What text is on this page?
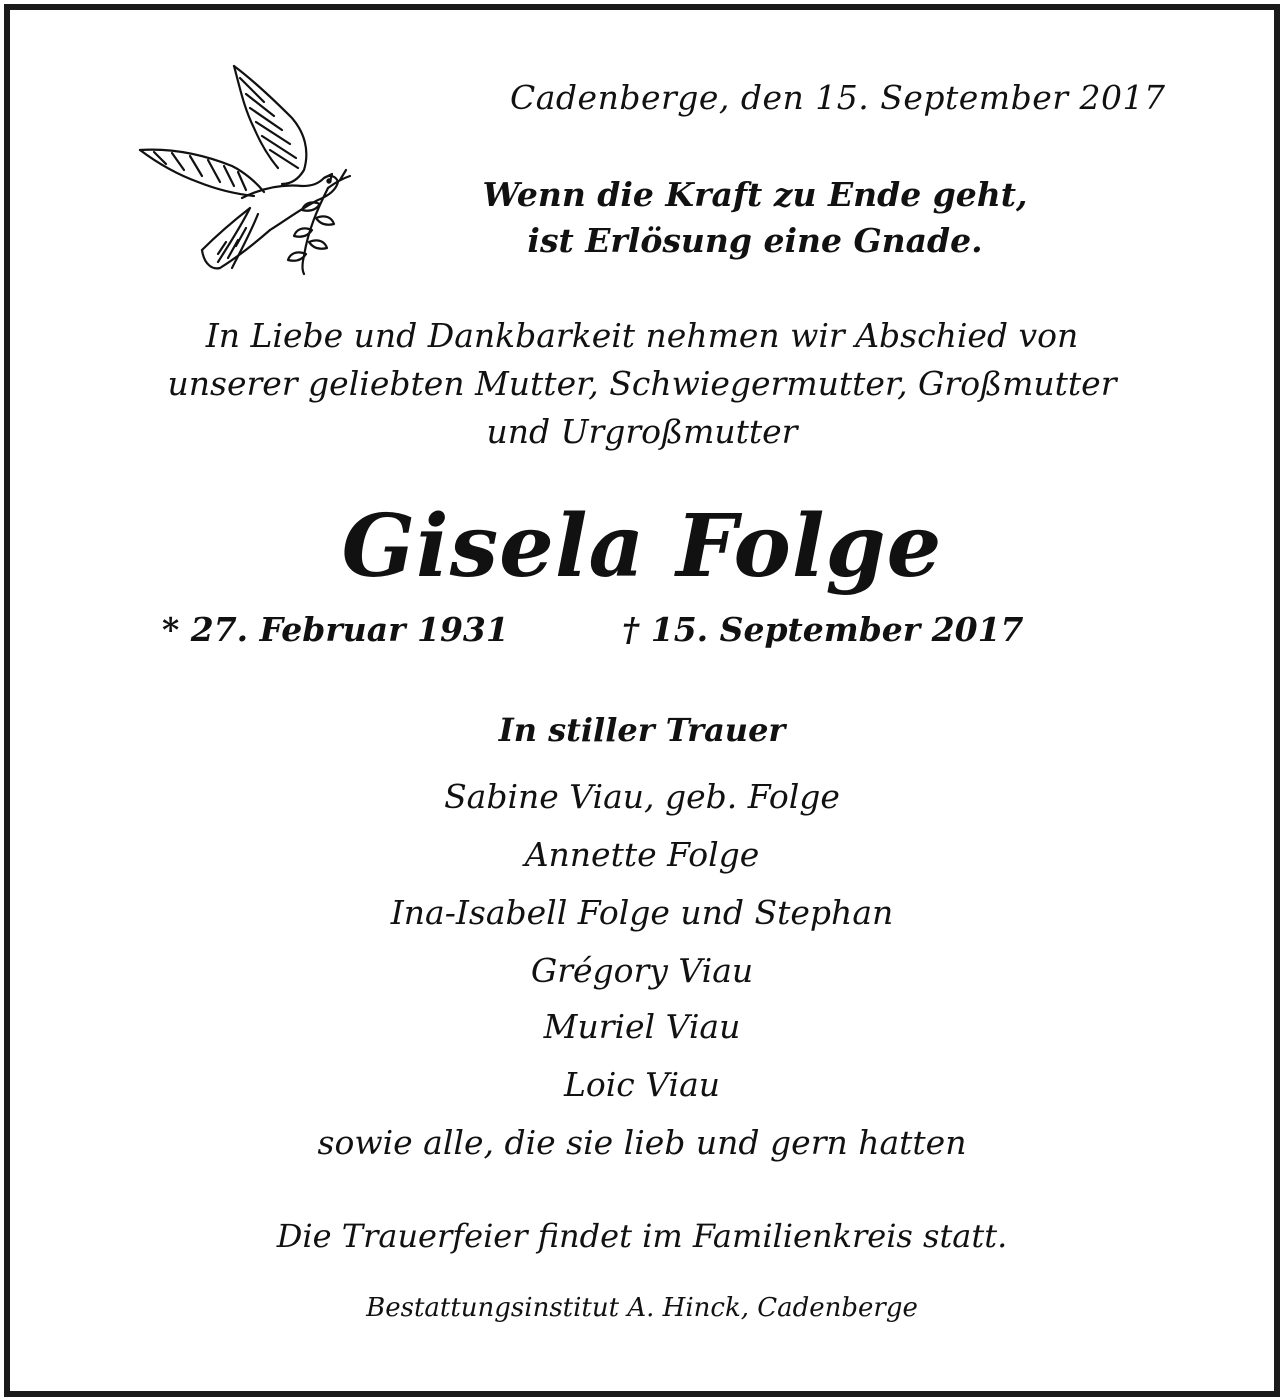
Cadenberge, den 15. September 2017
Wenn die Kraft zu Ende geht,
ist Erlösung eine Gnade.
In Liebe und Dankbarkeit nehmen wir Abschied von
unserer geliebten Mutter, Schwiegermutter, Großmutter
und Urgroßmutter
Gisela Folge
* 27. Februar 1931	† 15. September 2017
In stiller Trauer
Sabine Viau, geb. Folge
Annette Folge
Ina-Isabell Folge und Stephan
Grégory Viau
Muriel Viau
Loic Viau
sowie alle, die sie lieb und gern hatten
Die Trauerfeier findet im Familienkreis statt.
Bestattungsinstitut A. Hinck, Cadenberge
